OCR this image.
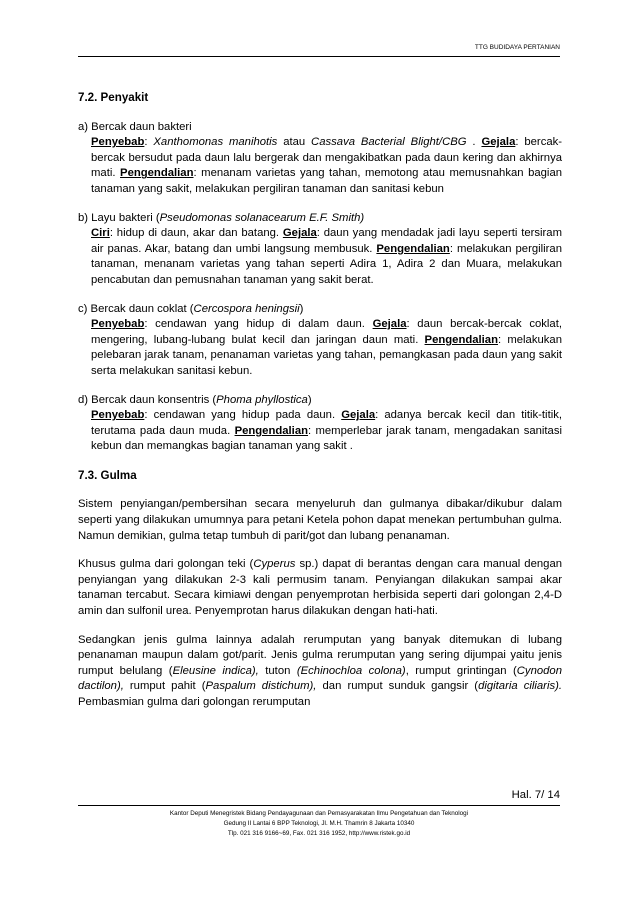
TTG BUDIDAYA PERTANIAN
7.2. Penyakit
a) Bercak daun bakteri
Penyebab: Xanthomonas manihotis atau Cassava Bacterial Blight/CBG . Gejala: bercak-bercak bersudut pada daun lalu bergerak dan mengakibatkan pada daun kering dan akhirnya mati. Pengendalian: menanam varietas yang tahan, memotong atau memusnahkan bagian tanaman yang sakit, melakukan pergiliran tanaman dan sanitasi kebun
b) Layu bakteri (Pseudomonas solanacearum E.F. Smith)
Ciri: hidup di daun, akar dan batang. Gejala: daun yang mendadak jadi layu seperti tersiram air panas. Akar, batang dan umbi langsung membusuk. Pengendalian: melakukan pergiliran tanaman, menanam varietas yang tahan seperti Adira 1, Adira 2 dan Muara, melakukan pencabutan dan pemusnahan tanaman yang sakit berat.
c) Bercak daun coklat (Cercospora heningsii)
Penyebab: cendawan yang hidup di dalam daun. Gejala: daun bercak-bercak coklat, mengering, lubang-lubang bulat kecil dan jaringan daun mati. Pengendalian: melakukan pelebaran jarak tanam, penanaman varietas yang tahan, pemangkasan pada daun yang sakit serta melakukan sanitasi kebun.
d) Bercak daun konsentris (Phoma phyllostica)
Penyebab: cendawan yang hidup pada daun. Gejala: adanya bercak kecil dan titik-titik, terutama pada daun muda. Pengendalian: memperlebar jarak tanam, mengadakan sanitasi kebun dan memangkas bagian tanaman yang sakit .
7.3. Gulma

Sistem penyiangan/pembersihan secara menyeluruh dan gulmanya dibakar/dikubur dalam seperti yang dilakukan umumnya para petani Ketela pohon dapat menekan pertumbuhan gulma. Namun demikian, gulma tetap tumbuh di parit/got dan lubang penanaman.

Khusus gulma dari golongan teki (Cyperus sp.) dapat di berantas dengan cara manual dengan penyiangan yang dilakukan 2-3 kali permusim tanam. Penyiangan dilakukan sampai akar tanaman tercabut. Secara kimiawi dengan penyemprotan herbisida seperti dari golongan 2,4-D amin dan sulfonil urea. Penyemprotan harus dilakukan dengan hati-hati.

Sedangkan jenis gulma lainnya adalah rerumputan yang banyak ditemukan di lubang penanaman maupun dalam got/parit. Jenis gulma rerumputan yang sering dijumpai yaitu jenis rumput belulang (Eleusine indica), tuton (Echinochloa colona), rumput grintingan (Cynodon dactilon), rumput pahit (Paspalum distichum), dan rumput sunduk gangsir (digitaria ciliaris). Pembasmian gulma dari golongan rerumputan

Hal. 7/ 14
Kantor Deputi Menegristek Bidang Pendayagunaan dan Pemasyarakatan Ilmu Pengetahuan dan Teknologi
Gedung II Lantai 6 BPP Teknologi, Jl. M.H. Thamrin 8 Jakarta 10340
Tlp. 021 316 9166~69, Fax. 021 316 1952, http://www.ristek.go.id
